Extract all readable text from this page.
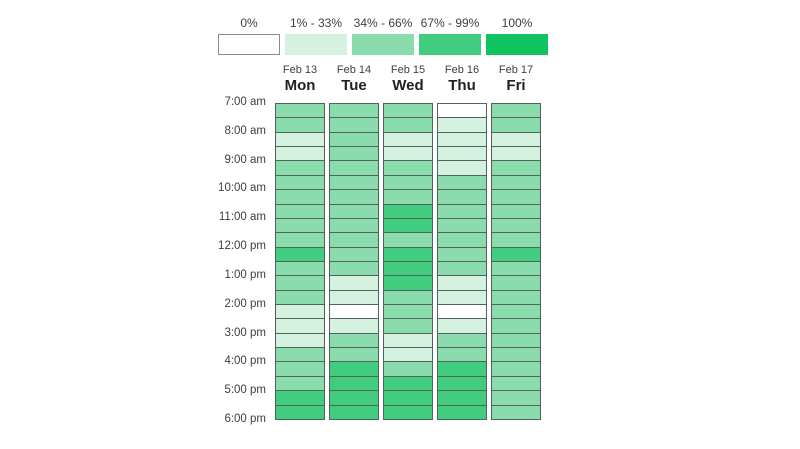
0%	1% - 33% 34% - 66% 67% - 99% 100%
Feb 13
Mon
Feb 14
Tue
Feb 15
Wed
Feb 16
Thu
Feb 17
Fri
7:00 am
8:00 am
9:00 am
10:00 am
11:00 am
12:00 pm
1:00 pm
2:00 pm
3:00 pm
4:00 pm
5:00 pm
6:00 pm
